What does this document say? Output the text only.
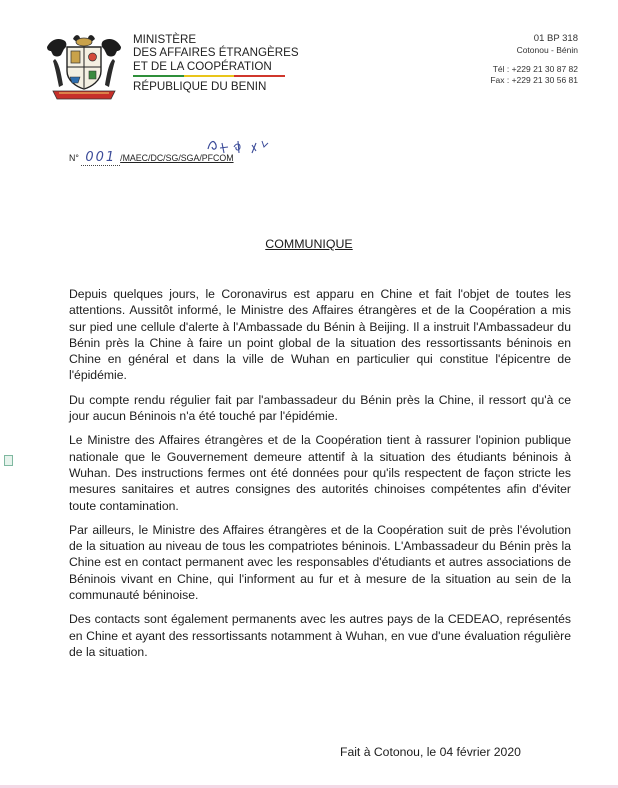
MINISTÈRE
DES AFFAIRES ÉTRANGÈRES
ET DE LA COOPÉRATION
RÉPUBLIQUE DU BENIN
01 BP 318
Cotonou - Bénin
Tél : +229 21 30 87 82
Fax : +229 21 30 56 81
N° 001 /MAEC/DC/SG/SGA/PFCOM
COMMUNIQUE

Depuis quelques jours, le Coronavirus est apparu en Chine et fait l'objet de toutes les attentions. Aussitôt informé, le Ministre des Affaires étrangères et de la Coopération a mis sur pied une cellule d'alerte à l'Ambassade du Bénin à Beijing. Il a instruit l'Ambassadeur du Bénin près la Chine à faire un point global de la situation des ressortissants béninois en Chine en général et dans la ville de Wuhan en particulier qui constitue l'épicentre de l'épidémie.

Du compte rendu régulier fait par l'ambassadeur du Bénin près la Chine, il ressort qu'à ce jour aucun Béninois n'a été touché par l'épidémie.

Le Ministre des Affaires étrangères et de la Coopération tient à rassurer l'opinion publique nationale que le Gouvernement demeure attentif à la situation des étudiants béninois à Wuhan. Des instructions fermes ont été données pour qu'ils respectent de façon stricte les mesures sanitaires et autres consignes des autorités chinoises compétentes afin d'éviter toute contamination.

Par ailleurs, le Ministre des Affaires étrangères et de la Coopération suit de près l'évolution de la situation au niveau de tous les compatriotes béninois. L'Ambassadeur du Bénin près la Chine est en contact permanent avec les responsables d'étudiants et autres associations de Béninois vivant en Chine, qui l'informent au fur et à mesure de la situation au sein de la communauté béninoise.

Des contacts sont également permanents avec les autres pays de la CEDEAO, représentés en Chine et ayant des ressortissants notamment à Wuhan, en vue d'une évaluation régulière de la situation.

Fait à Cotonou, le 04 février 2020
